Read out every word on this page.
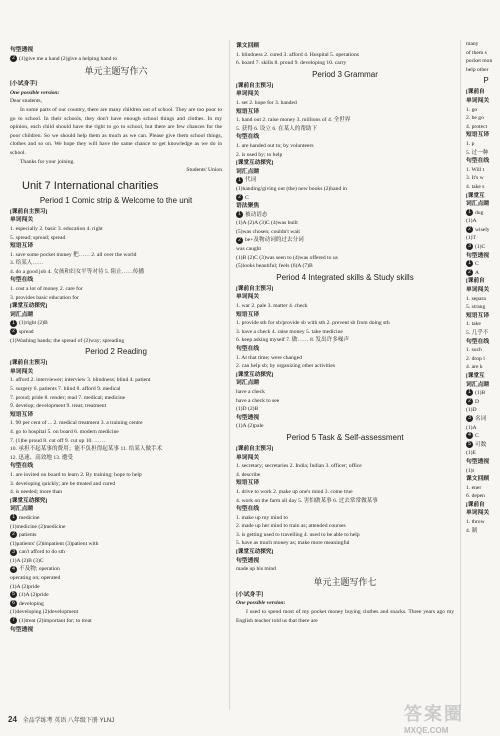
句型透视
2 (1)give me a hand (2)give a helping hand to
单元主题写作六
[小试身手]
One possible version:
Dear students,
In some parts of our country, there are many children out of school. They are too poor to go to school. In their schools, they don't have enough school things and clothes. In my opinion, each child should have the right to go to school, but there are few chances for the poor children. So we should help them as much as we can. Please give them school things, clothes and so on. We hope they will have the same chance to get knowledge as we do in school.
Thanks for your joining.
Students' Union
Unit 7 International charities
Period 1 Comic strip & Welcome to the unit
[课前自主预习]
单词闯关
1. especially 2. basic 3. education 4. right
5. spread; spread; spread
短语互译
1. save some pocket money 把…… 2. all over the world
3. 给某人……
4. do a good job 4. 女孩和妇女平等对待 5. 阻止……传播
句型在线
1. cost a lot of money 2. care for
3. provides basic education for
[课堂互动探究]
词汇点睛
1 (1)right (2)B
2 spread
(1)Washing hands; the spread of (2)way; spreading
Period 2 Reading
[课前自主预习]
单词闯关
1. afford 2. interviewer; interview 3. blindness; blind 4. patient
5. surgery 6. patients 7. blind 8. afford 9. medical
7. proud; pride 8. render; read 7. medical; medicine
9. develop; development 9. treat; treatment
短语互译
1. 90 per cent of ... 2. medical treatment 3. a training centre
4. go to hospital 5. on board 6. modern medicine
7. (1)be proud 8. cut off 9. cut up 10. ……
10. 承担不起某事的费用；能不负担得起某事 11. 给某人做手术
12. 迅速、高效地 13. 遭受
句型在线
1. are invited on board to learn 2. By training; hope to help
3. developing quickly; are be treated and cured
4. is needed; more than
[课堂互动探究]
词汇点睛
1 medicine
(1)medicine (2)medicine
2 patients
(1)patients' (2)impatient (3)patient with
3 can't afford to do sth
(1)A (2)B (3)C
4 不及物; operation
operating on; operated
(1)A (2)pride
5 (1)A (2)pride
6 developing
(1)developing (2)development
7 (1)treat (2)important for; to treat
句型透视
课文回顾
1. blindness 2. cured 3. afford 4. Hospital 5. operations
6. board 7. skills 8. proud 9. developing 10. carry
Period 3 Grammar
[课前自主预习]
单词闯关
1. set 2. hope for 3. handed
短语互译
1. hand out 2. raise money 3. millions of 4. 全世界
5. 获得 6. 设立 6. 在某人的帮助下
句型在线
1. are handed out to; by volunteers
2. is used by; to help
[课堂互动探究]
词汇点睛
1 代词
(1)handing/giving out (the) new books (2)hand in
2 C
语法聚焦
1 被动语态
(1)A (2)A (3)C (4)was built
(5)was chosen; couldn't wait
2 be+及物动词的过去分词
was caught
(1)B (2)C (3)was seen to (4)was offered to us
(5)looks beautiful; feels (6)A (7)B
Period 4 Integrated skills & Study skills
[课前自主预习]
单词闯关
1. war 2. pale 3. matter 4. check
短语互译
1. provide sth for sb/provide sb with sth 2. prevent sb from doing sth
3. have a check 4. raise money 5. take medicine
6. keep asking myself 7. 做…… 8. 发出许多噪声
句型在线
1. At that time; were changed
2. can help sb; by organizing other activities
[课堂互动探究]
词汇点睛
have a check
have a check to see
(1)D (2)B
句型透视
(1)A (2)pale
Period 5 Task & Self-assessment
[课前自主预习]
单词闯关
1. secretary; secretaries 2. India; Indian 3. officer; office
4. describe
短语互译
1. drive to work 2. make up one's mind 3. come true
4. work on the farm all day 5. 害怕做某事 6. 过去常常做某事
句型在线
1. make up my mind to
2. made up her mind to train as; attended courses
3. is getting used to travelling 4. used to be able to help
5. have as much money as; make more meaningful
[课堂互动探究]
句型透视
made up his mind
单元主题写作七
[小试身手]
One possible version:
I used to spend most of my pocket money buying clothes and snacks. Three years ago my English teacher told us that there are
many
of them s
pocket mon
help other
P
[课前自
单词闯关
1. go
2. be go
4. protect
短语互译
1. p
5. 过一种
句型在线
1. Will t
3. It's w
4. take s
[课堂互
词汇点睛
1 dug
(1)A
2 wisely
(1)T
3 (1)C
句型透视
1 C
2 A
[课前自
单词闯关
1. separa
5. strang
短语互译
1. take
5. 几乎不
句型在线
1. such
2. drop l
4. are k
[课堂互
词汇点睛
1 (1)B
2 D
(1)D
3 名词
(1)A
4 C
5 可数
(1)E
句型透视
(1)t
课文回顾
1. ener
6. depen
[课前自
单词闯关
1. throw
4. 制
24 全品学练考 英语 八年级下册 YLNJ	答案圈
MXQE.COM
